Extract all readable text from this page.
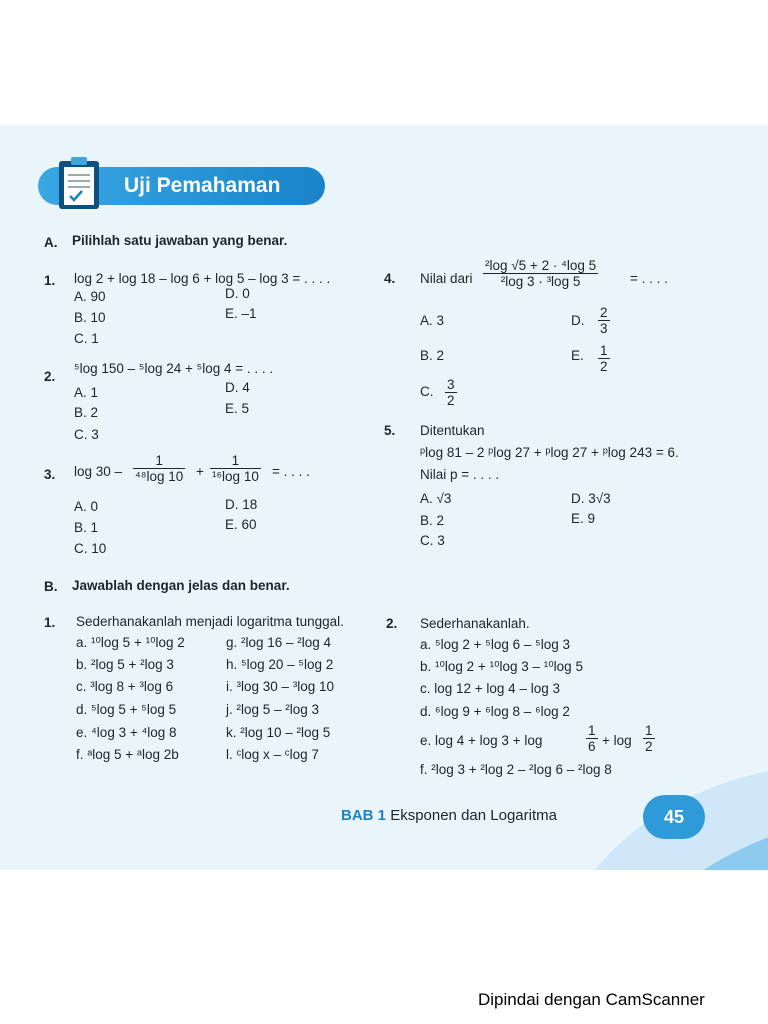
Uji Pemahaman
A. Pilihlah satu jawaban yang benar.
1. log 2 + log 18 – log 6 + log 5 – log 3 = . . . .
A. 90
B. 10
C. 1
D. 0
E. –1
2.
⁵log 150 – ⁵log 24 + ⁵log 4 = . . . .
A. 1
B. 2
C. 3
D. 4
E. 5
3. $\log 30 - \frac{1}{\text{⁴⁸log 10}} + \frac{1}{\text{¹⁶log 10}}$ = . . . .
A. 0
B. 1
C. 10
D. 18
E. 60
4. Nilai dari $\frac{\text{²log √5 + 2 · ⁴log 5}}{\text{²log 3 · ³log 5}}$ = . . . .
A. 3
B. 2
C. $\frac{3}{2}$
D. $\frac{2}{3}$
E. $\frac{1}{2}$
5. Ditentukan
ᵖlog 81 – 2 ᵖlog 27 + ᵖlog 27 + ᵖlog 243 = 6.
Nilai p = . . . .
A. √3
B. 2
C. 3
D. 3√3
E. 9
B. Jawablah dengan jelas dan benar.
1. Sederhanakanlah menjadi logaritma tunggal.
a. ¹⁰log 5 + ¹⁰log 2
b. ²log 5 + ²log 3
c. ³log 8 + ³log 6
d. ⁵log 5 + ⁵log 5
e. ⁴log 3 + ⁴log 8
f. ᵃlog 5 + ᵃlog 2b
g. ²log 16 – ²log 4
h. ⁵log 20 – ⁵log 2
i. ³log 30 – ³log 10
j. ²log 5 – ²log 3
k. ²log 10 – ²log 5
l. ᶜlog x – ᶜlog 7
2. Sederhanakanlah.
a. ⁵log 2 + ⁵log 6 – ⁵log 3
b. ¹⁰log 2 + ¹⁰log 3 – ¹⁰log 5
c. log 12 + log 4 – log 3
d. ⁶log 9 + ⁶log 8 – ⁶log 2
e. log 4 + log 3 + log	$\frac{1}{6} + \log \frac{1}{2}$
f. ²log 3 + ²log 2 – ²log 6 – ²log 8
BAB 1 Eksponen dan Logaritma	45
Dipindai dengan CamScanner
